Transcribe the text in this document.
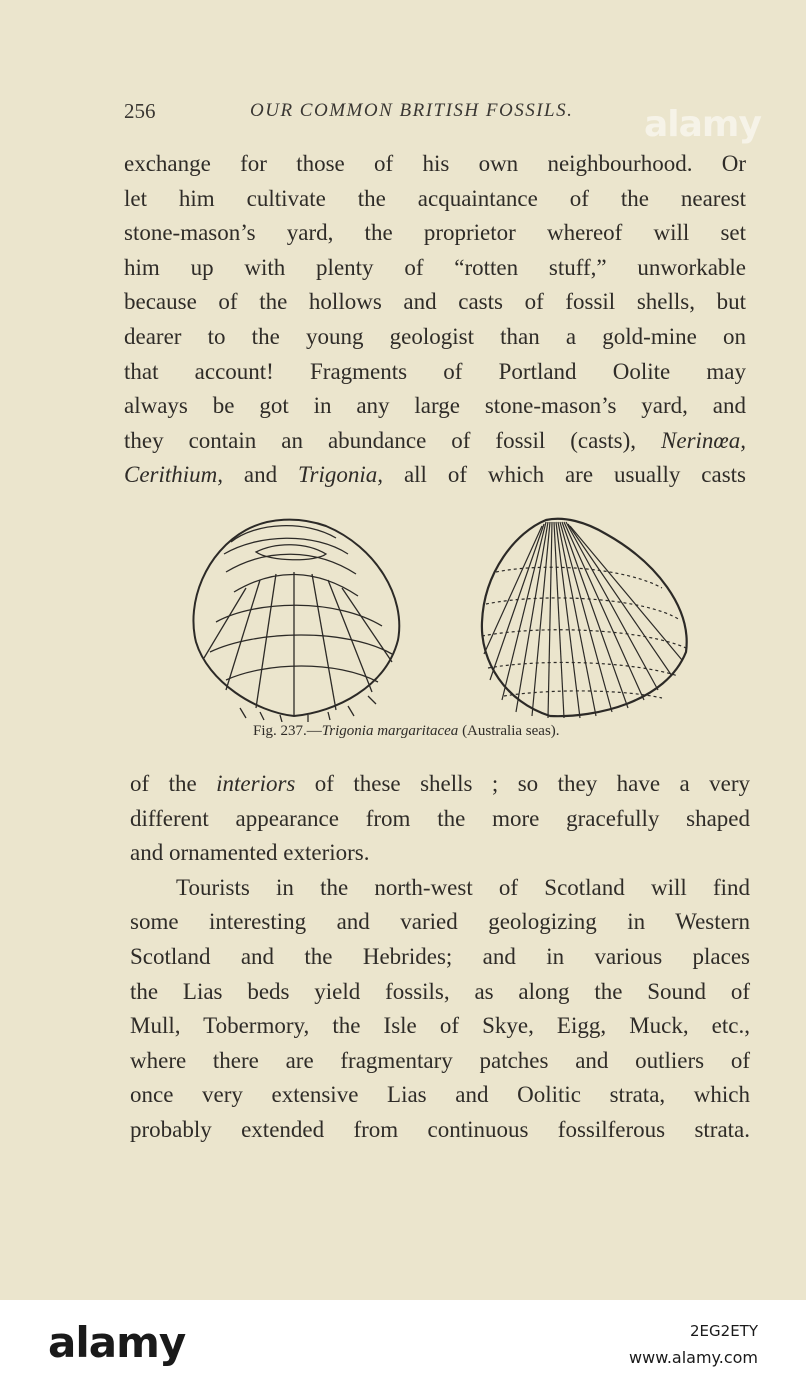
256	OUR COMMON BRITISH FOSSILS. alamy
exchange for those of his own neighbourhood. Or
let him cultivate the acquaintance of the nearest
stone-mason’s yard, the proprietor whereof will set
him up with plenty of “rotten stuff,” unworkable
because of the hollows and casts of fossil shells, but
dearer to the young geologist than a gold-mine on
that account! Fragments of Portland Oolite may
always be got in any large stone-mason’s yard, and
they contain an abundance of fossil (casts), Nerinœa,
Cerithium, and Trigonia, all of which are usually casts
Fig. 237.—Trigonia margaritacea (Australia seas).
of the interiors of these shells ; so they have a very
different appearance from the more gracefully shaped
and ornamented exteriors.
Tourists in the north-west of Scotland will find
some interesting and varied geologizing in Western
Scotland and the Hebrides; and in various places
the Lias beds yield fossils, as along the Sound of
Mull, Tobermory, the Isle of Skye, Eigg, Muck, etc.,
where there are fragmentary patches and outliers of
once very extensive Lias and Oolitic strata, which
probably extended from continuous fossilferous strata.
alamy	2EG2ETY
www.alamy.com
